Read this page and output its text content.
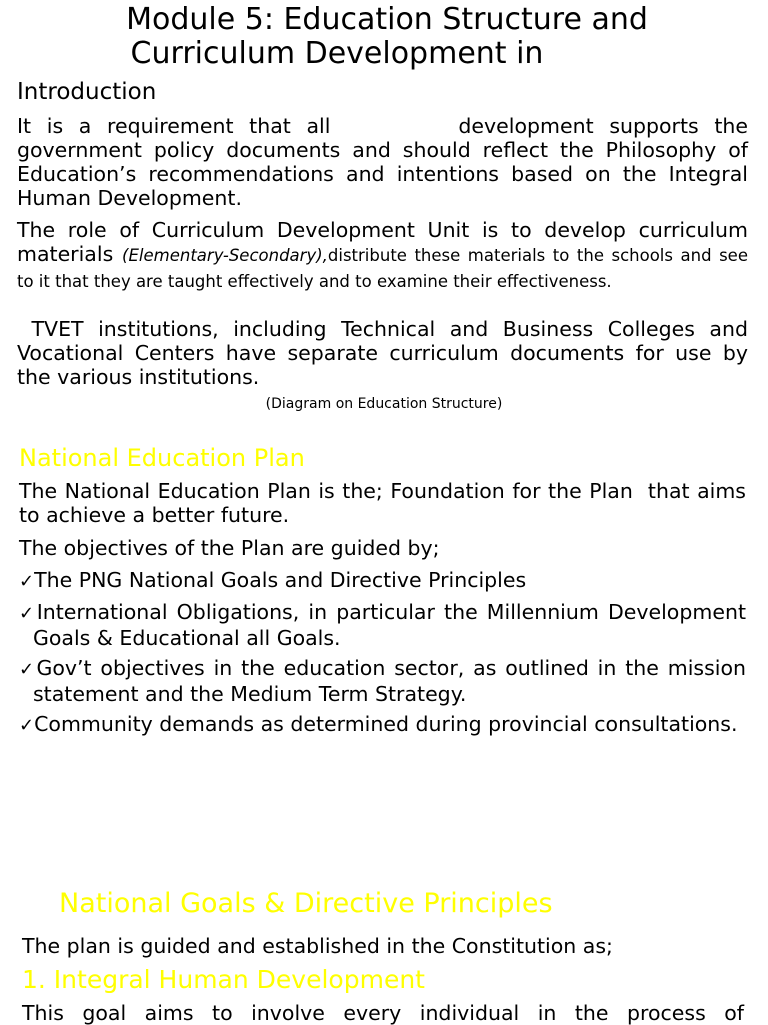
Module 5: Education Structure and
Curriculum Development in
Introduction
It is a requirement that all	development supports the government policy documents and should reflect the Philosophy of Education’s recommendations and intentions based on the Integral Human Development.
The role of Curriculum Development Unit is to develop curriculum materials (Elementary-Secondary),distribute these materials to the schools and see to it that they are taught effectively and to examine their effectiveness.
TVET institutions, including Technical and Business Colleges and Vocational Centers have separate curriculum documents for use by the various institutions.
(Diagram on Education Structure)
National Education Plan
The National Education Plan is the; Foundation for the Plan  that aims to achieve a better future.
The objectives of the Plan are guided by;
✓The PNG National Goals and Directive Principles
✓International Obligations, in particular the Millennium Development Goals & Educational all Goals.
✓Gov’t objectives in the education sector, as outlined in the mission statement and the Medium Term Strategy.
✓Community demands as determined during provincial consultations.
National Goals & Directive Principles
The plan is guided and established in the Constitution as;
1. Integral Human Development
This goal aims to involve every individual in the process of
